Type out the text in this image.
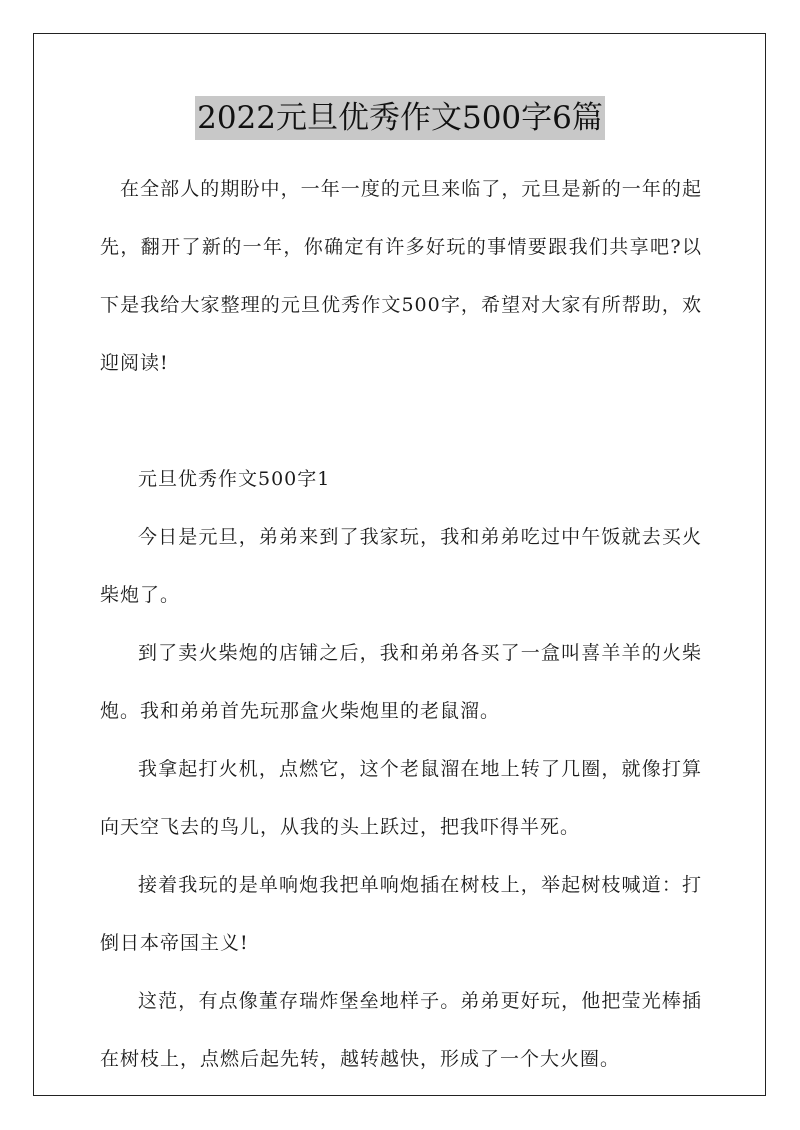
2022元旦优秀作文500字6篇

在全部人的期盼中，一年一度的元旦来临了，元旦是新的一年的起先，翻开了新的一年，你确定有许多好玩的事情要跟我们共享吧?以下是我给大家整理的元旦优秀作文500字，希望对大家有所帮助，欢迎阅读!

元旦优秀作文500字1

今日是元旦，弟弟来到了我家玩，我和弟弟吃过中午饭就去买火柴炮了。

到了卖火柴炮的店铺之后，我和弟弟各买了一盒叫喜羊羊的火柴炮。我和弟弟首先玩那盒火柴炮里的老鼠溜。

我拿起打火机，点燃它，这个老鼠溜在地上转了几圈，就像打算向天空飞去的鸟儿，从我的头上跃过，把我吓得半死。

接着我玩的是单响炮我把单响炮插在树枝上，举起树枝喊道：打倒日本帝国主义!

这范，有点像董存瑞炸堡垒地样子。弟弟更好玩，他把莹光棒插在树枝上，点燃后起先转，越转越快，形成了一个大火圈。
